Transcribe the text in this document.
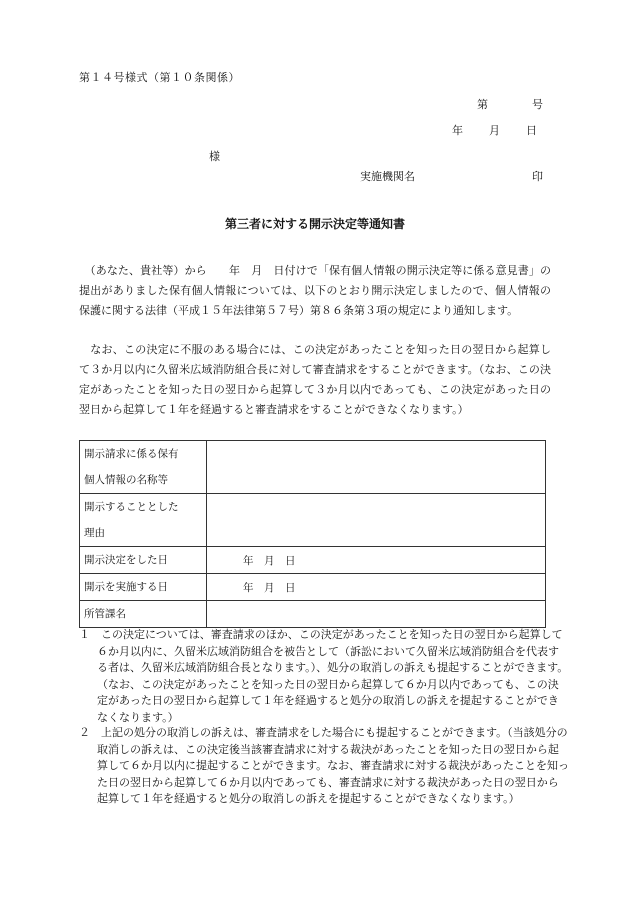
第１４号様式（第１０条関係）
第	号
年 月 日
様
実施機関名	印
第三者に対する開示決定等通知書
　（あなた、貴社等）から　　年　月　日付けで「保有個人情報の開示決定等に係る意見書」の提出がありました保有個人情報については、以下のとおり開示決定しましたので、個人情報の保護に関する法律（平成１５年法律第５７号）第８６条第３項の規定により通知します。
　なお、この決定に不服のある場合には、この決定があったことを知った日の翌日から起算して３か月以内に久留米広域消防組合長に対して審査請求をすることができます。（なお、この決定があったことを知った日の翌日から起算して３か月以内であっても、この決定があった日の翌日から起算して１年を経過すると審査請求をすることができなくなります。）
開示請求に係る保有
個人情報の名称等	

開示することとした
理由	

開示決定をした日	年　月　日
開示を実施する日	年　月　日
所管課名	
１　この決定については、審査請求のほか、この決定があったことを知った日の翌日から起算して６か月以内に、久留米広域消防組合を被告として（訴訟において久留米広域消防組合を代表する者は、久留米広域消防組合長となります。）、処分の取消しの訴えも提起することができます。（なお、この決定があったことを知った日の翌日から起算して６か月以内であっても、この決定があった日の翌日から起算して１年を経過すると処分の取消しの訴えを提起することができなくなります。）
２　上記の処分の取消しの訴えは、審査請求をした場合にも提起することができます。（当該処分の取消しの訴えは、この決定後当該審査請求に対する裁決があったことを知った日の翌日から起算して６か月以内に提起することができます。なお、審査請求に対する裁決があったことを知った日の翌日から起算して６か月以内であっても、審査請求に対する裁決があった日の翌日から起算して１年を経過すると処分の取消しの訴えを提起することができなくなります。）
